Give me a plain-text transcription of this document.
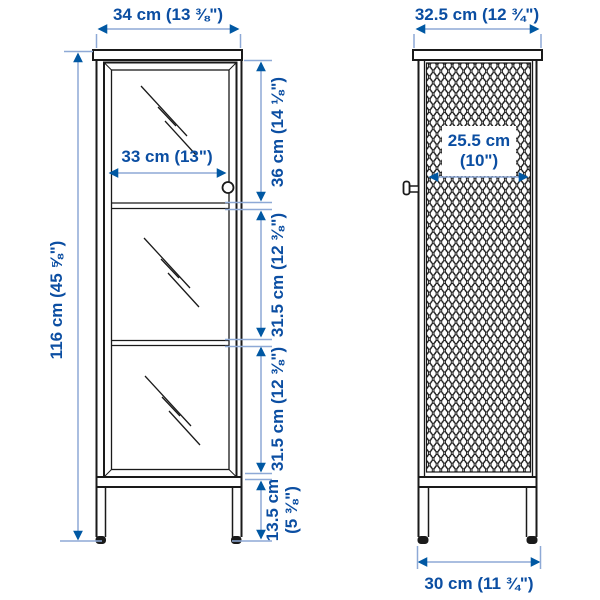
34 cm (13 ⅜")	32.5 cm (12 ¾")
116 cm (45 ⅝")
33 cm (13")	36 cm (14 ⅛")
31.5 cm (12 ⅜")
31.5 cm (12 ⅜")
13.5 cm (5 ⅜")
25.5 cm
(10")
30 cm (11 ¾")
